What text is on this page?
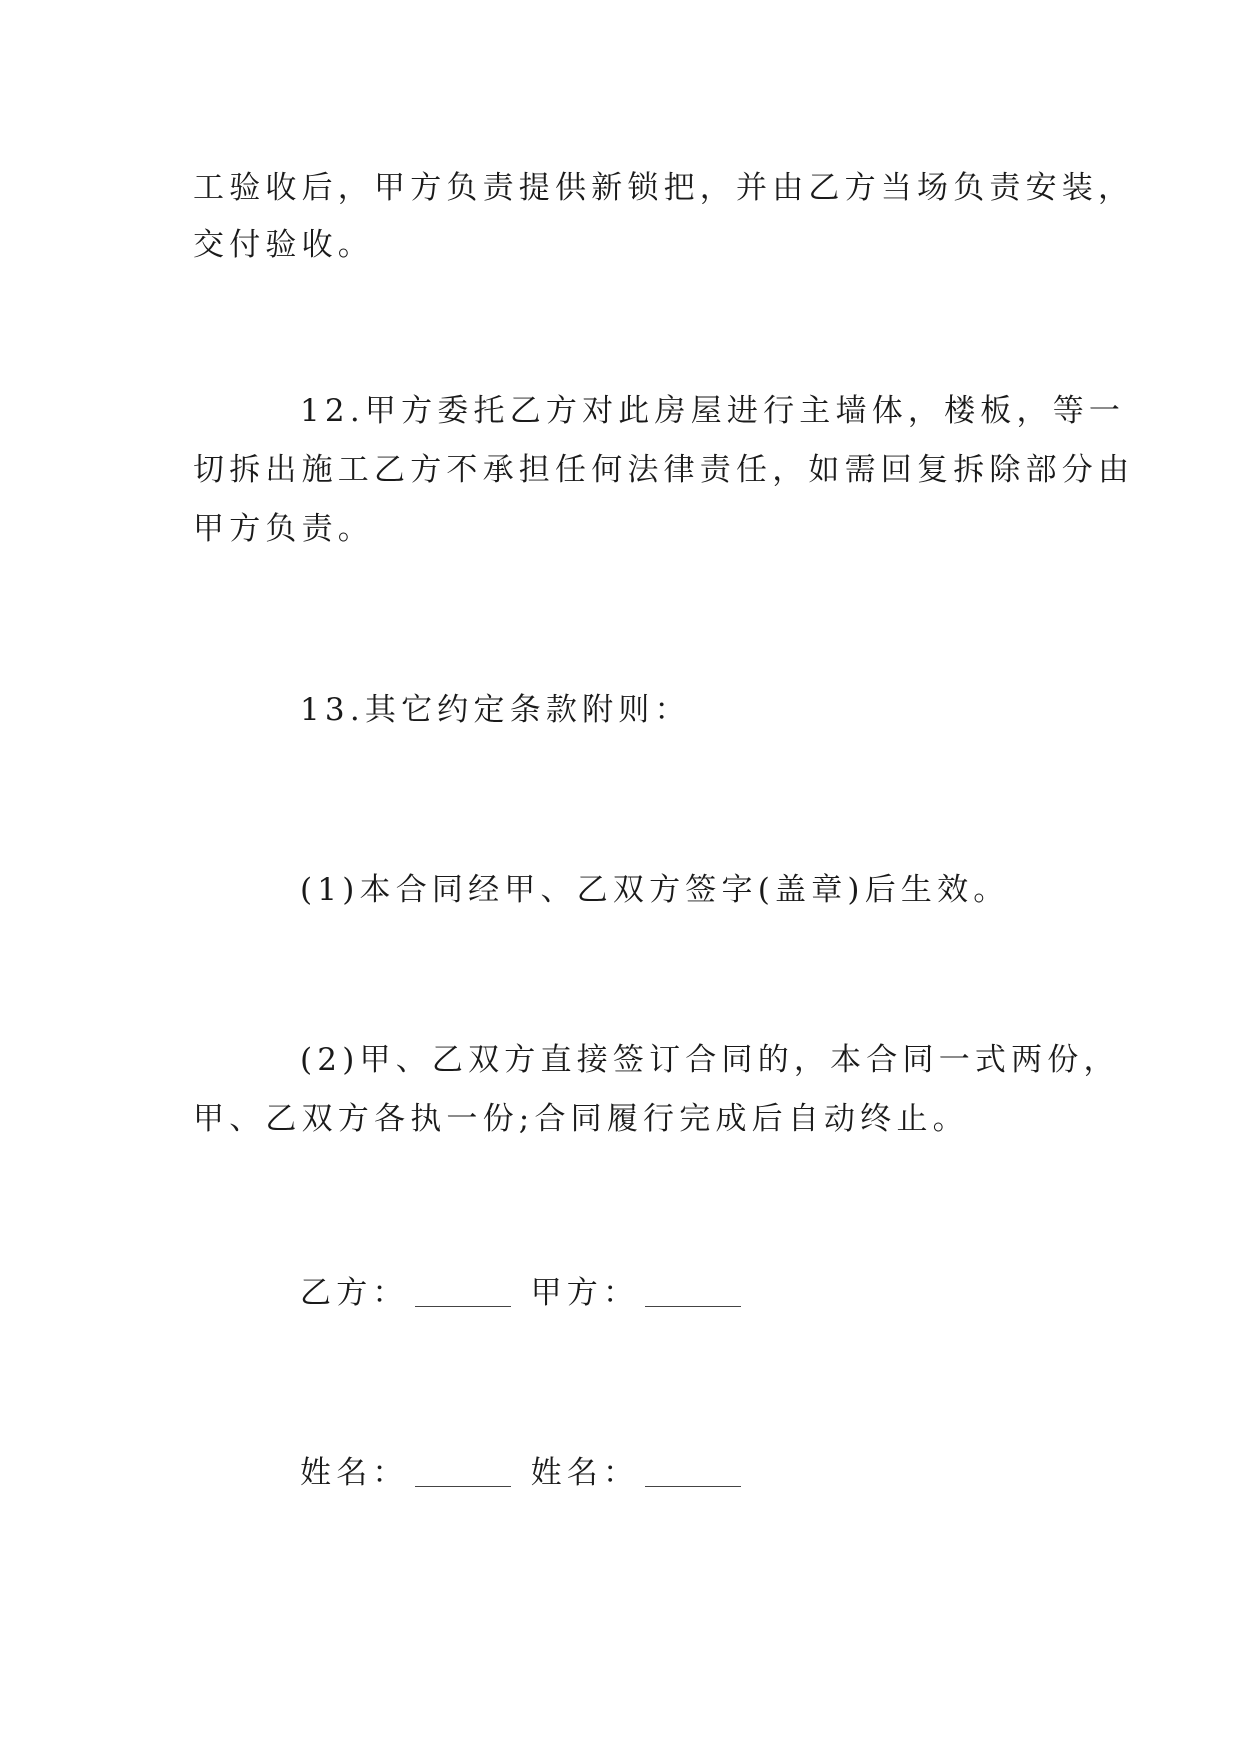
工验收后，甲方负责提供新锁把，并由乙方当场负责安装，
交付验收。
12.甲方委托乙方对此房屋进行主墙体，楼板，等一
切拆出施工乙方不承担任何法律责任，如需回复拆除部分由
甲方负责。
13.其它约定条款附则：
(1)本合同经甲、乙双方签字(盖章)后生效。
(2)甲、乙双方直接签订合同的，本合同一式两份，
甲、乙双方各执一份;合同履行完成后自动终止。
乙方：	甲方：
姓名：	姓名：
